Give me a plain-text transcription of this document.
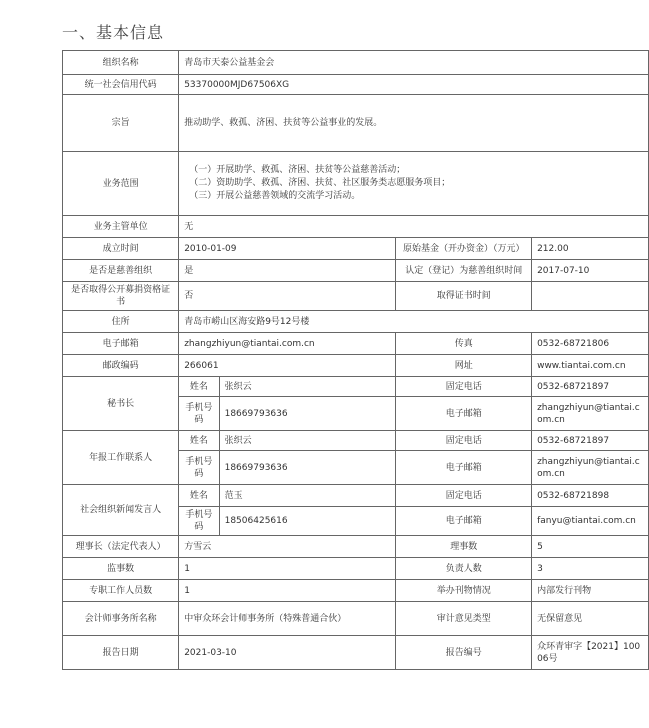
一、基本信息
组织名称	青岛市天泰公益基金会			
统一社会信用代码	53370000MJD67506XG			
宗旨	推动助学、救孤、济困、扶贫等公益事业的发展。			
业务范围	（一）开展助学、救孤、济困、扶贫等公益慈善活动；
（二）资助助学、救孤、济困、扶贫、社区服务类志愿服务项目；
（三）开展公益慈善领域的交流学习活动。			

业务主管单位	无			
成立时间	2010-01-09		原始基金（开办资金）（万元）	212.00
是否是慈善组织	是		认定（登记）为慈善组织时间	2017-07-10
是否取得公开募捐资格证书	否		取得证书时间	
住所	青岛市崂山区海安路9号12号楼			
电子邮箱	zhangzhiyun@tiantai.com.cn		传真	0532-68721806
邮政编码	266061		网址	www.tiantai.com.cn
秘书长	姓名	张织云	固定电话	0532-68721897
	手机号码	18669793636	电子邮箱	zhangzhiyun@tiantai.com.cn
年报工作联系人	姓名	张织云	固定电话	0532-68721897
	手机号码	18669793636	电子邮箱	zhangzhiyun@tiantai.com.cn
社会组织新闻发言人	姓名	范玉	固定电话	0532-68721898
	手机号码	18506425616	电子邮箱	fanyu@tiantai.com.cn
理事长（法定代表人）	方雪云		理事数	5
监事数	1		负责人数	3
专职工作人员数	1		举办刊物情况	内部发行刊物
会计师事务所名称	中审众环会计师事务所（特殊普通合伙）		审计意见类型	无保留意见
报告日期	2021-03-10		报告编号	众环青审字【2021】10006号
